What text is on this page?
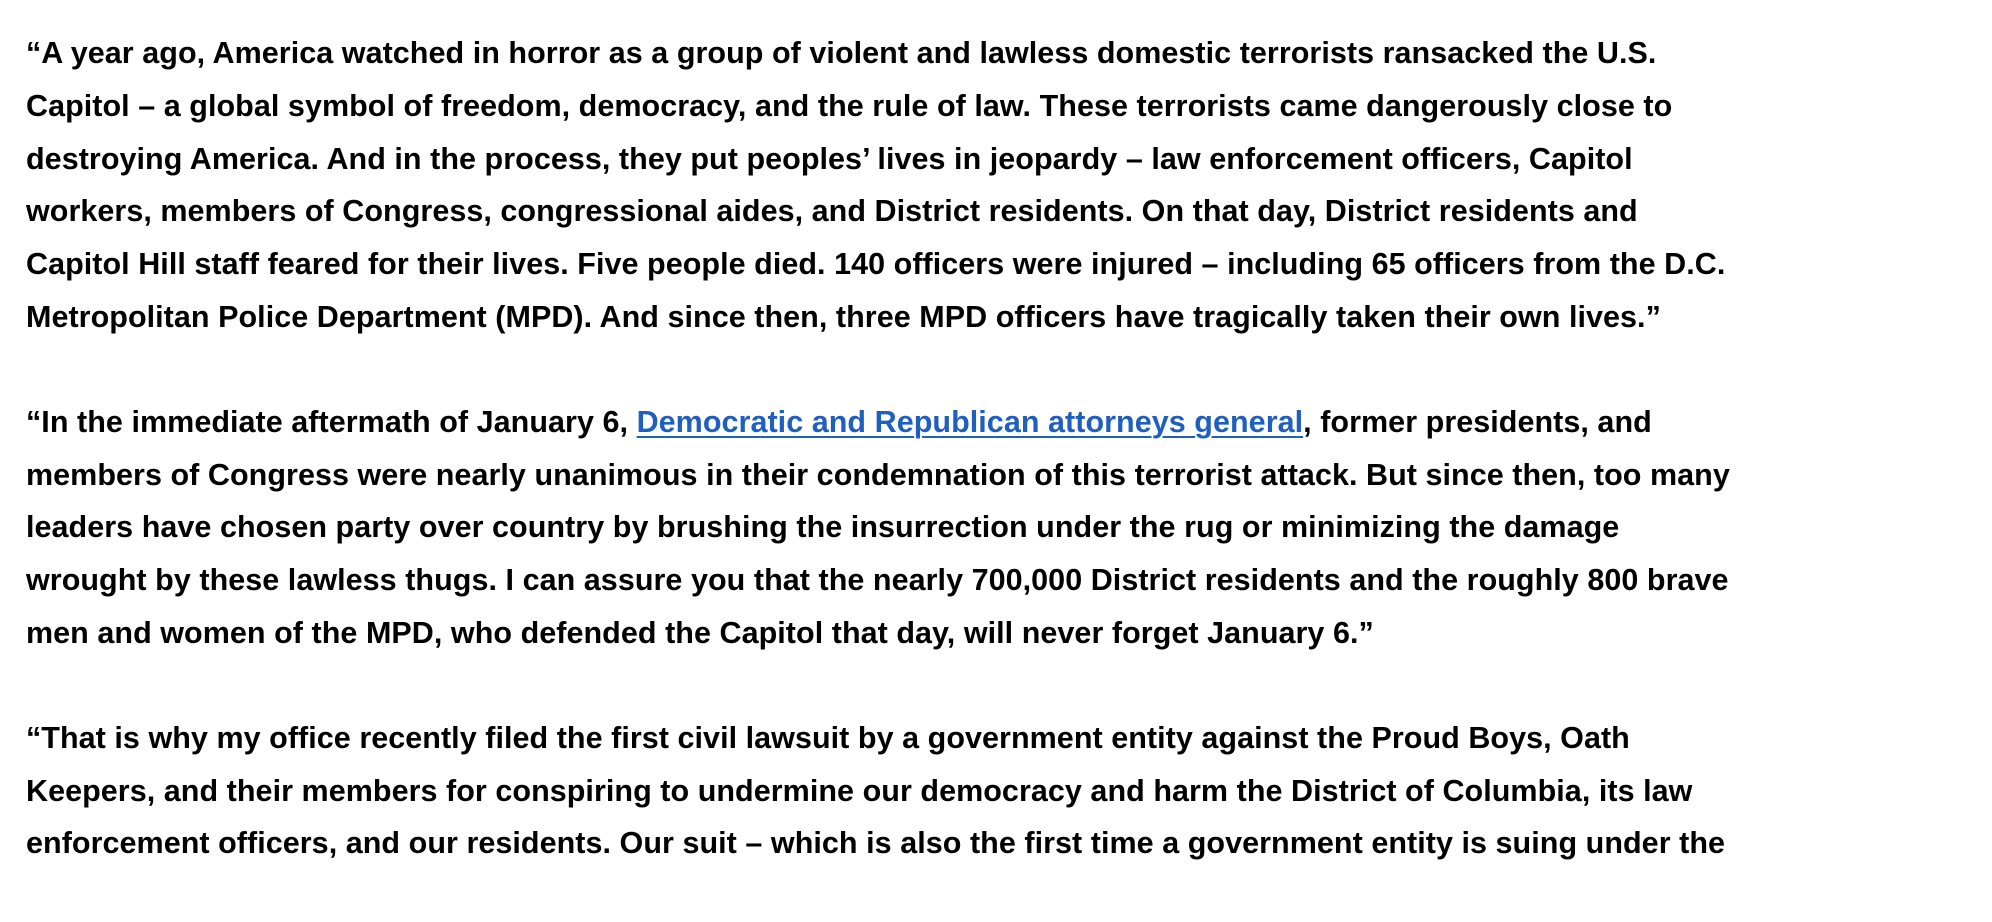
“A year ago, America watched in horror as a group of violent and lawless domestic terrorists ransacked the U.S.
Capitol – a global symbol of freedom, democracy, and the rule of law. These terrorists came dangerously close to
destroying America. And in the process, they put peoples’ lives in jeopardy – law enforcement officers, Capitol
workers, members of Congress, congressional aides, and District residents. On that day, District residents and
Capitol Hill staff feared for their lives. Five people died. 140 officers were injured – including 65 officers from the D.C.
Metropolitan Police Department (MPD). And since then, three MPD officers have tragically taken their own lives.”

“In the immediate aftermath of January 6, Democratic and Republican attorneys general, former presidents, and
members of Congress were nearly unanimous in their condemnation of this terrorist attack. But since then, too many
leaders have chosen party over country by brushing the insurrection under the rug or minimizing the damage
wrought by these lawless thugs. I can assure you that the nearly 700,000 District residents and the roughly 800 brave
men and women of the MPD, who defended the Capitol that day, will never forget January 6.”

“That is why my office recently filed the first civil lawsuit by a government entity against the Proud Boys, Oath
Keepers, and their members for conspiring to undermine our democracy and harm the District of Columbia, its law
enforcement officers, and our residents. Our suit – which is also the first time a government entity is suing under the
